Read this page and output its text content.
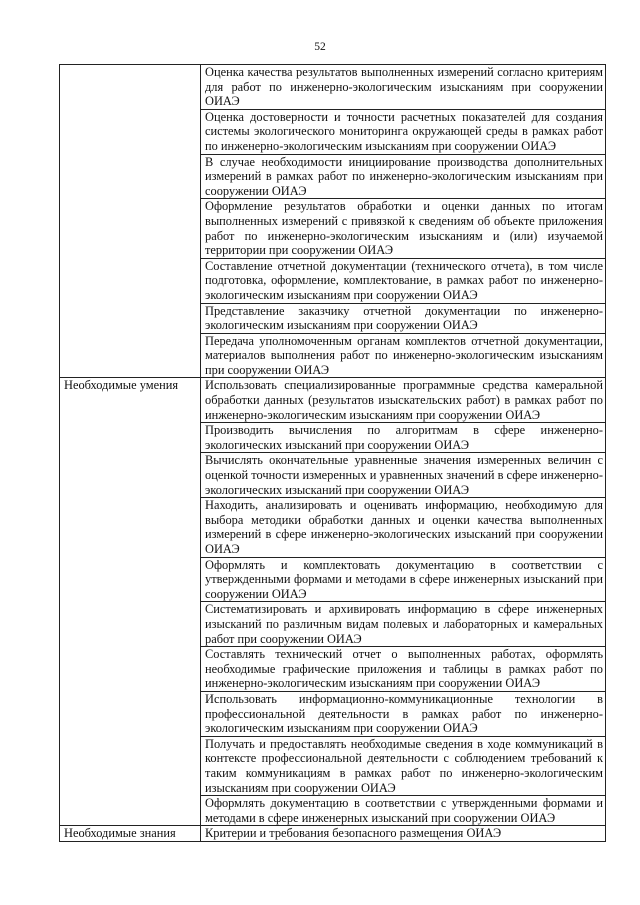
52
	Оценка качества результатов выполненных измерений согласно критериям для работ по инженерно-экологическим изысканиям при сооружении ОИАЭ
	Оценка достоверности и точности расчетных показателей для создания системы экологического мониторинга окружающей среды в рамках работ по инженерно-экологическим изысканиям при сооружении ОИАЭ
	В случае необходимости инициирование производства дополнительных измерений в рамках работ по инженерно-экологическим изысканиям при сооружении ОИАЭ
	Оформление результатов обработки и оценки данных по итогам выполненных измерений с привязкой к сведениям об объекте приложения работ по инженерно-экологическим изысканиям и (или) изучаемой территории при сооружении ОИАЭ
	Составление отчетной документации (технического отчета), в том числе подготовка, оформление, комплектование, в рамках работ по инженерно-экологическим изысканиям при сооружении ОИАЭ
	Представление заказчику отчетной документации по инженерно-экологическим изысканиям при сооружении ОИАЭ
	Передача уполномоченным органам комплектов отчетной документации, материалов выполнения работ по инженерно-экологическим изысканиям при сооружении ОИАЭ
Необходимые умения	Использовать специализированные программные средства камеральной обработки данных (результатов изыскательских работ) в рамках работ по инженерно-экологическим изысканиям при сооружении ОИАЭ
	Производить вычисления по алгоритмам в сфере инженерно-экологических изысканий при сооружении ОИАЭ
	Вычислять окончательные уравненные значения измеренных величин с оценкой точности измеренных и уравненных значений в сфере инженерно-экологических изысканий при сооружении ОИАЭ
	Находить, анализировать и оценивать информацию, необходимую для выбора методики обработки данных и оценки качества выполненных измерений в сфере инженерно-экологических изысканий при сооружении ОИАЭ
	Оформлять и комплектовать документацию в соответствии с утвержденными формами и методами в сфере инженерных изысканий при сооружении ОИАЭ
	Систематизировать и архивировать информацию в сфере инженерных изысканий по различным видам полевых и лабораторных и камеральных работ при сооружении ОИАЭ
	Составлять технический отчет о выполненных работах, оформлять необходимые графические приложения и таблицы в рамках работ по инженерно-экологическим изысканиям при сооружении ОИАЭ
	Использовать информационно-коммуникационные технологии в профессиональной деятельности в рамках работ по инженерно-экологическим изысканиям при сооружении ОИАЭ
	Получать и предоставлять необходимые сведения в ходе коммуникаций в контексте профессиональной деятельности с соблюдением требований к таким коммуникациям в рамках работ по инженерно-экологическим изысканиям при сооружении ОИАЭ
	Оформлять документацию в соответствии с утвержденными формами и методами в сфере инженерных изысканий при сооружении ОИАЭ
Необходимые знания	Критерии и требования безопасного размещения ОИАЭ
